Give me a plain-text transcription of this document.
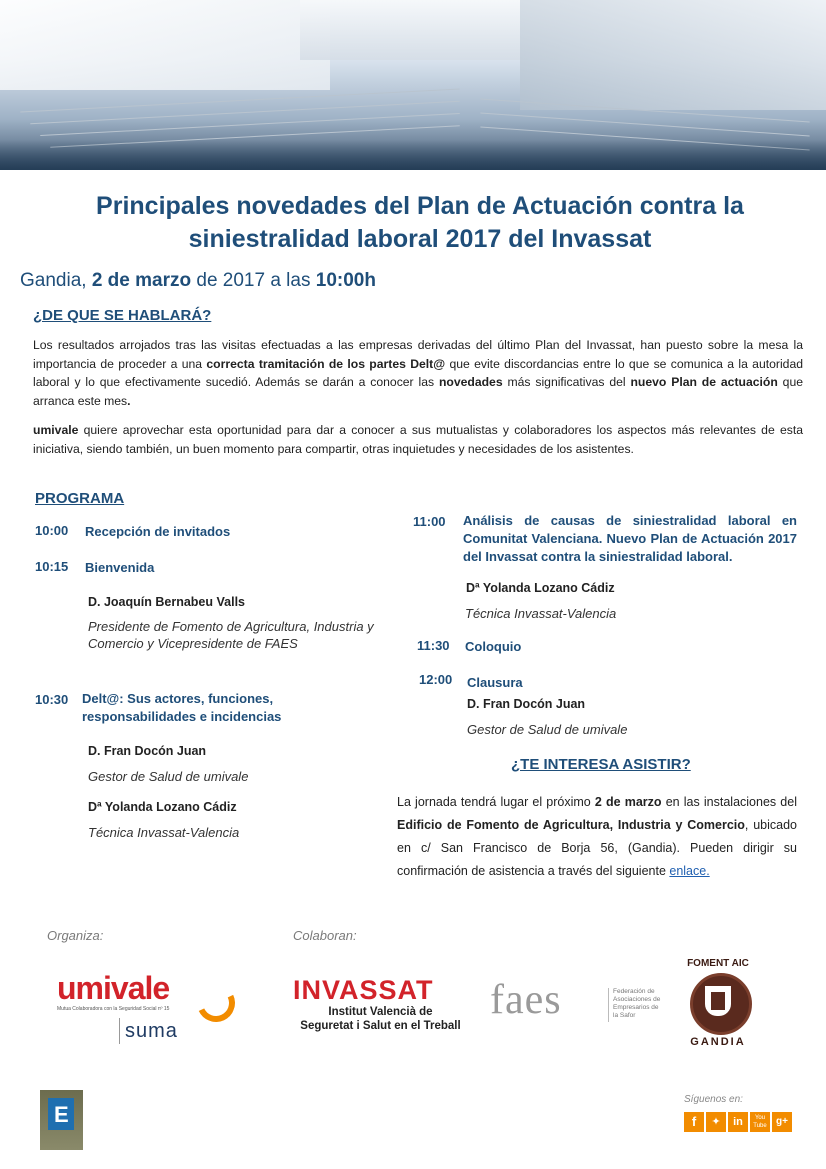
Principales novedades del Plan de Actuación contra la
siniestralidad laboral 2017 del Invassat
Gandia, 2 de marzo de 2017 a las 10:00h
¿DE QUE SE HABLARÁ?
Los resultados arrojados tras las visitas efectuadas a las empresas derivadas del último Plan del Invassat, han puesto sobre la mesa la importancia de proceder a una correcta tramitación de los partes Delt@ que evite discordancias entre lo que se comunica a la autoridad laboral y lo que efectivamente sucedió. Además se darán a conocer las novedades más significativas del nuevo Plan de actuación que arranca este mes.
umivale quiere aprovechar esta oportunidad para dar a conocer a sus mutualistas y colaboradores los aspectos más relevantes de esta iniciativa, siendo también, un buen momento para compartir, otras inquietudes y necesidades de los asistentes.
PROGRAMA
10:00 Recepción de invitados
10:15 Bienvenida
D. Joaquín Bernabeu Valls
Presidente de Fomento de Agricultura, Industria y Comercio y Vicepresidente de FAES
10:30 Delt@: Sus actores, funciones, responsabilidades e incidencias
D. Fran Docón Juan
Gestor de Salud de umivale
Dª Yolanda Lozano Cádiz
Técnica Invassat-Valencia
11:00 Análisis de causas de siniestralidad laboral en Comunitat Valenciana. Nuevo Plan de Actuación 2017 del Invassat contra la siniestralidad laboral.
Dª Yolanda Lozano Cádiz
Técnica Invassat-Valencia
11:30 Coloquio
12:00 Clausura
D. Fran Docón Juan
Gestor de Salud de umivale
¿TE INTERESA ASISTIR?
La jornada tendrá lugar el próximo 2 de marzo en las instalaciones del Edificio de Fomento de Agricultura, Industria y Comercio, ubicado en c/ San Francisco de Borja 56, (Gandia). Pueden dirigir su confirmación de asistencia a través del siguiente enlace.
Organiza:	Colaboran:
umivale
Mutua Colaboradora con la Seguridad Social nº 15
suma
INVASSAT
Institut Valencià de
Seguretat i Salut en el Treball
faes	Federación de Asociaciones de Empresarios de la Safor
FOMENT AIC
GANDIA
E
Síguenos en:
f	✦	in	You
Tube g+
